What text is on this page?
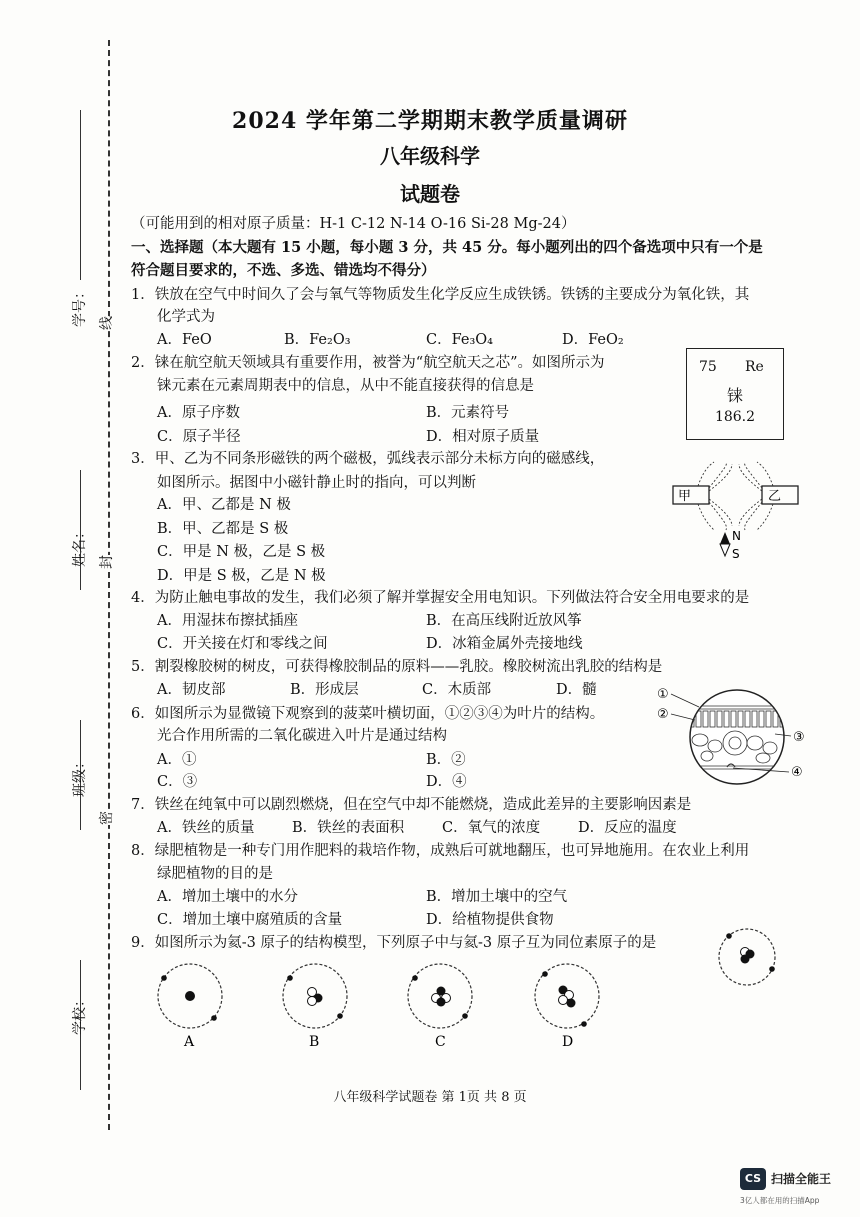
学号：
姓名：
班级：
学校：
线
封
密
2024 学年第二学期期末教学质量调研
八年级科学
试题卷
（可能用到的相对原子质量：H-1 C-12 N-14 O-16 Si-28 Mg-24）
一、选择题（本大题有 15 小题，每小题 3 分，共 45 分。每小题列出的四个备选项中只有一个是
符合题目要求的，不选、多选、错选均不得分）
1．铁放在空气中时间久了会与氧气等物质发生化学反应生成铁锈。铁锈的主要成分为氧化铁，其
化学式为
A．FeO	B．Fe₂O₃	C．Fe₃O₄	D．FeO₂
2．铼在航空航天领域具有重要作用，被誉为“航空航天之芯”。如图所示为
铼元素在元素周期表中的信息，从中不能直接获得的信息是
A．原子序数	B．元素符号
C．原子半径	D．相对原子质量
75 Re
铼
186.2
3．甲、乙为不同条形磁铁的两个磁极，弧线表示部分未标方向的磁感线，
如图所示。据图中小磁针静止时的指向，可以判断
A．甲、乙都是 N 极
B．甲、乙都是 S 极
C．甲是 N 极，乙是 S 极
D．甲是 S 极，乙是 N 极
甲	乙
N
S
4．为防止触电事故的发生，我们必须了解并掌握安全用电知识。下列做法符合安全用电要求的是
A．用湿抹布擦拭插座	B．在高压线附近放风筝
C．开关接在灯和零线之间	D．冰箱金属外壳接地线
5．割裂橡胶树的树皮，可获得橡胶制品的原料——乳胶。橡胶树流出乳胶的结构是
A．韧皮部	B．形成层	C．木质部	D．髓
6．如图所示为显微镜下观察到的菠菜叶横切面，①②③④为叶片的结构。
光合作用所需的二氧化碳进入叶片是通过结构
A．①	B．②
C．③	D．④
①
②
③
④
7．铁丝在纯氧中可以剧烈燃烧，但在空气中却不能燃烧，造成此差异的主要影响因素是
A．铁丝的质量	B．铁丝的表面积	C．氧气的浓度	D．反应的温度
8．绿肥植物是一种专门用作肥料的栽培作物，成熟后可就地翻压，也可异地施用。在农业上利用
绿肥植物的目的是
A．增加土壤中的水分	B．增加土壤中的空气
C．增加土壤中腐殖质的含量	D．给植物提供食物
9．如图所示为氦-3 原子的结构模型，下列原子中与氦-3 原子互为同位素原子的是
A	B	C	D
八年级科学试题卷 第 1页 共 8 页
CS 扫描全能王
3亿人都在用的扫描App
